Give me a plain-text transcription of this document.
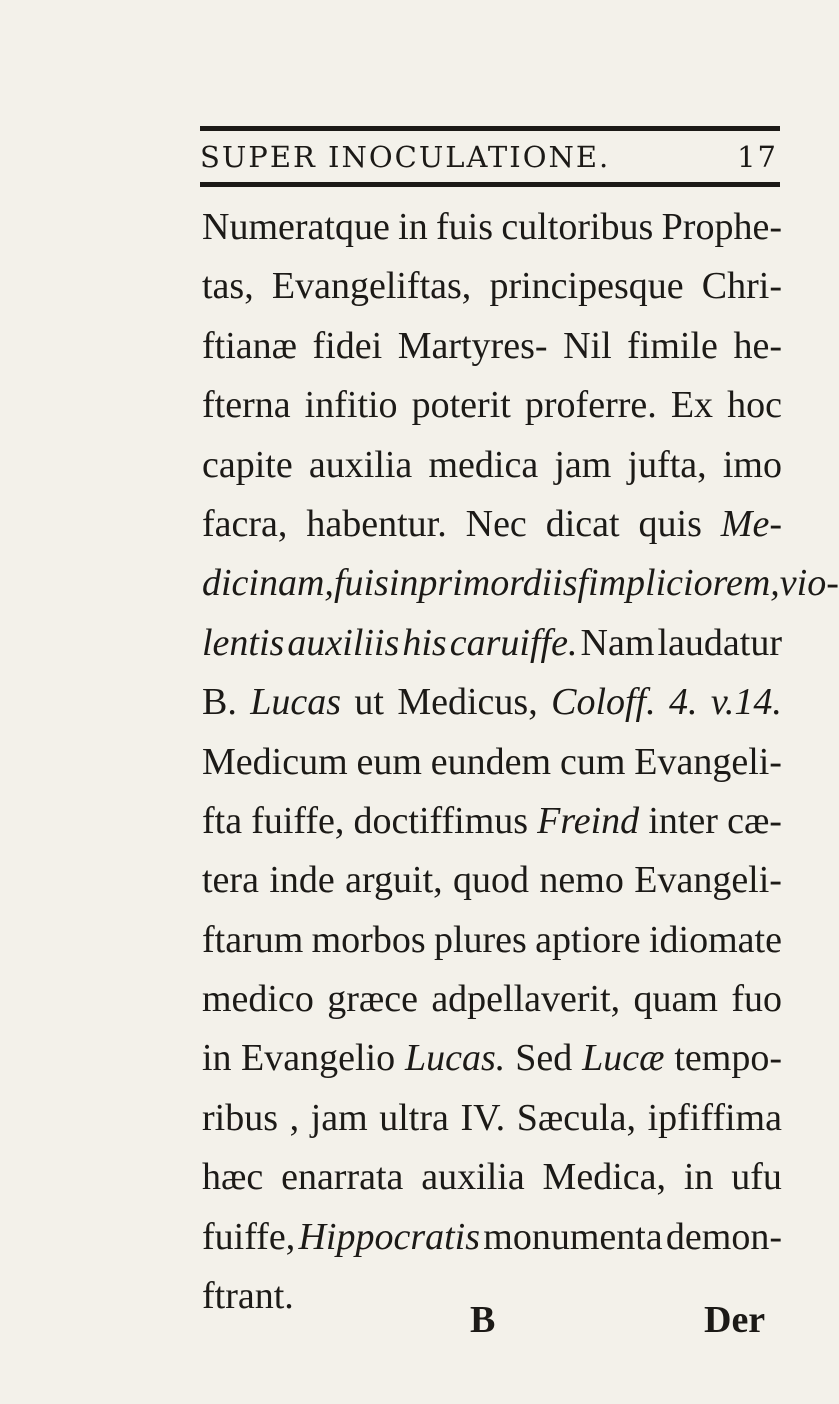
SUPER INOCULATIONE.	17
Numeratque in fuis cultoribus Prophe-
tas, Evangeliftas, principesque Chri-
ftianæ fidei Martyres- Nil fimile he-
fterna infitio poterit proferre. Ex hoc
capite auxilia medica jam jufta, imo
facra, habentur. Nec dicat quis Me-
dicinam, fuis in primordiis fimpliciorem, vio-
lentis auxiliis his caruiffe. Nam laudatur
B. Lucas ut Medicus, Coloff. 4. v.14.
Medicum eum eundem cum Evangeli-
fta fuiffe, doctiffimus Freind inter cæ-
tera inde arguit, quod nemo Evangeli-
ftarum morbos plures aptiore idiomate
medico græce adpellaverit, quam fuo
in Evangelio Lucas. Sed Lucæ tempo-
ribus , jam ultra IV. Sæcula, ipfiffima
hæc enarrata auxilia Medica, in ufu
fuiffe, Hippocratis monumenta demon-
ftrant.
B	Der
